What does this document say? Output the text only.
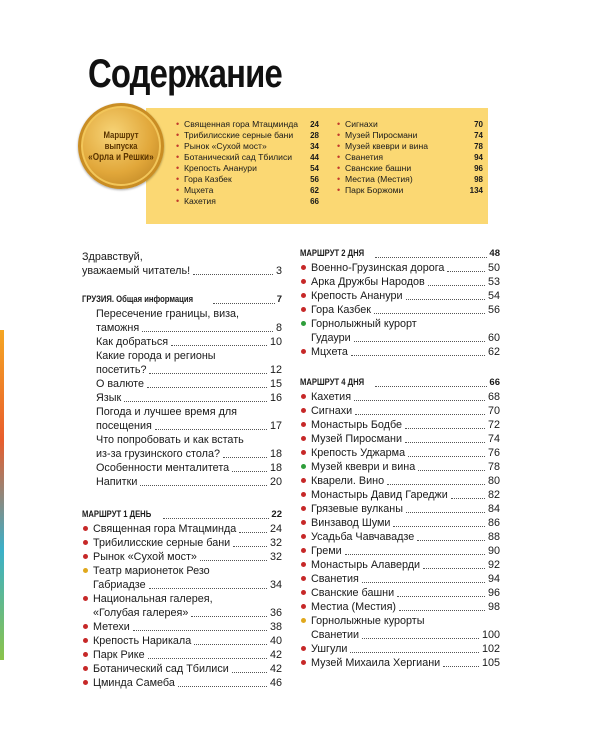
Содержание
Маршрут выпуска
«Орла и Решки»
• Священная гора Мтацминда 24
• Трибилисские серные бани 28
• Рынок «Сухой мост»	34
• Ботанический сад Тбилиси 44
• Крепость Ананури	54
• Гора Казбек	56
• Мцхета	62
• Кахетия	66
• Сигнахи	70
• Музей Пиросмани	74
• Музей квеври и вина	78
• Сванетия	94
• Сванские башни	96
• Местиа (Местия)	98
• Парк Боржоми	134
Здравствуй,
уважаемый читатель!	3
ГРУЗИЯ. Общая информация	7
Пересечение границы, виза,
таможня	8
Как добраться	10
Какие города и регионы
посетить?	12
О валюте	15
Язык	16
Погода и лучшее время для
посещения	17
Что попробовать и как встать
из-за грузинского стола?	18
Особенности менталитета	18
Напитки	20
МАРШРУТ 1 ДЕНЬ	22
Священная гора Мтацминда	24
Трибилисские серные бани	32
Рынок «Сухой мост»	32
Театр марионеток Резо
Габриадзе	34
Национальная галерея,
«Голубая галерея»	36
Метехи	38
Крепость Нарикала	40
Парк Рике	42
Ботанический сад Тбилиси	42
Цминда Самеба	46
МАРШРУТ 2 ДНЯ	48
Военно-Грузинская дорога	50
Арка Дружбы Народов	53
Крепость Ананури	54
Гора Казбек	56
Горнолыжный курорт
Гудаури	60
Мцхета	62
МАРШРУТ 4 ДНЯ	66
Кахетия	68
Сигнахи	70
Монастырь Бодбе	72
Музей Пиросмани	74
Крепость Уджарма	76
Музей квеври и вина	78
Кварели. Вино	80
Монастырь Давид Гареджи	82
Грязевые вулканы	84
Винзавод Шуми	86
Усадьба Чавчавадзе	88
Греми	90
Монастырь Алаверди	92
Сванетия	94
Сванские башни	96
Местиа (Местия)	98
Горнолыжные курорты
Сванетии	100
Ушгули	102
Музей Михаила Хергиани	105
